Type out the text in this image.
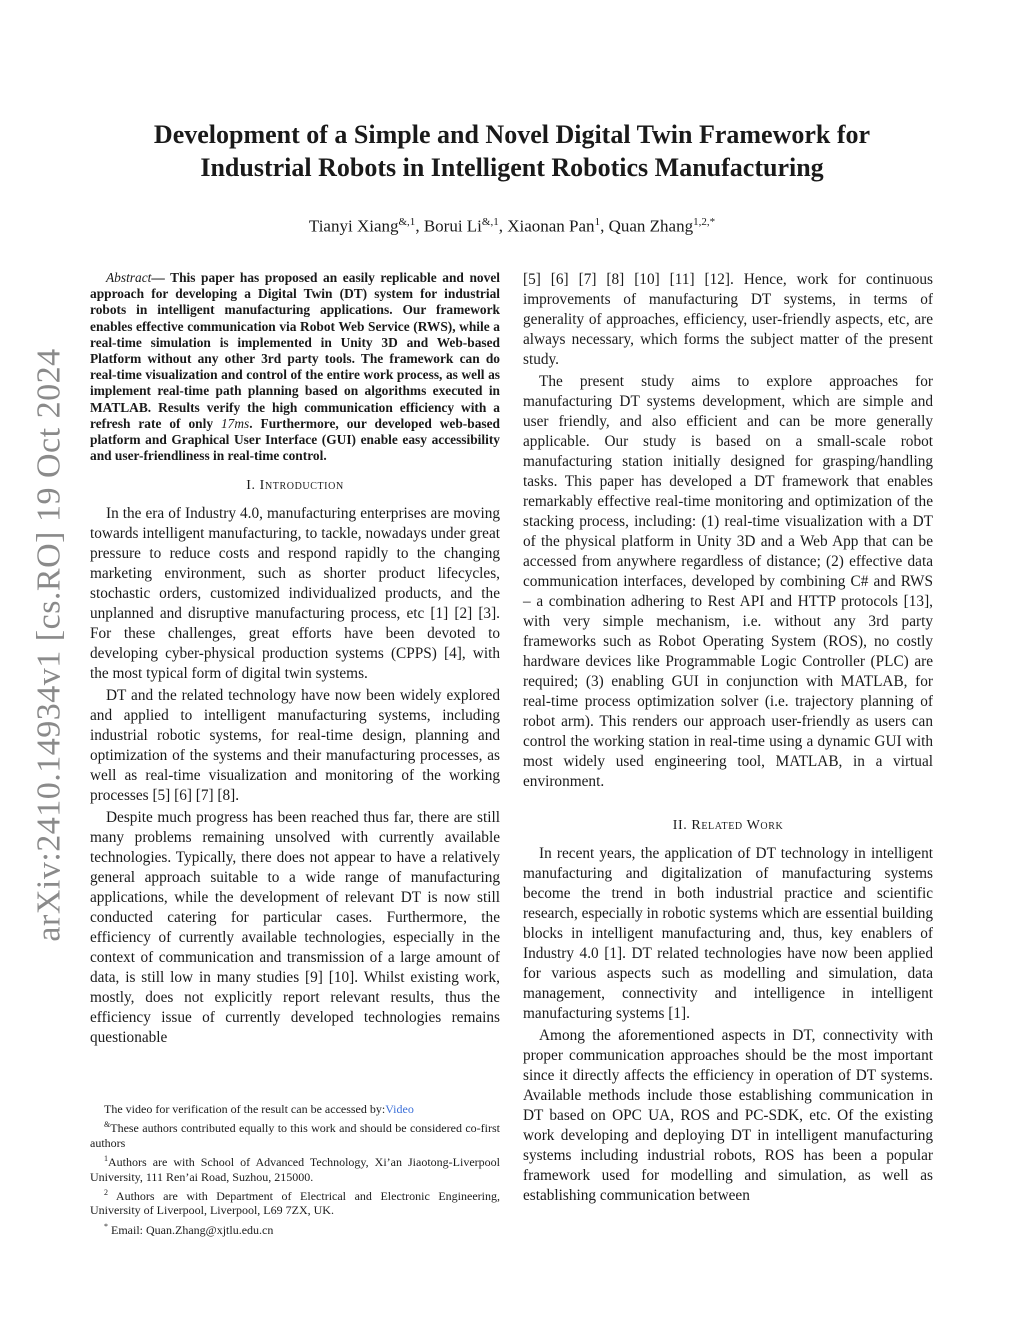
arXiv:2410.14934v1 [cs.RO] 19 Oct 2024
Development of a Simple and Novel Digital Twin Framework for
Industrial Robots in Intelligent Robotics Manufacturing
Tianyi Xiang$^{\&,1}$, Borui $Li^{\&,1}$, Xiaonan Pan$^1$, Quan Zhang$^{1,2,*}$

Abstract— This paper has proposed an easily replicable and novel approach for developing a Digital Twin (DT) system for industrial robots in intelligent manufacturing applications. Our framework enables effective communication via Robot Web Service (RWS), while a real-time simulation is implemented in Unity 3D and Web-based Platform without any other 3rd party tools. The framework can do real-time visualization and control of the entire work process, as well as implement real-time path planning based on algorithms executed in MATLAB. Results verify the high communication efficiency with a refresh rate of only 17ms. Furthermore, our developed web-based platform and Graphical User Interface (GUI) enable easy accessibility and user-friendliness in real-time control.

I. Introduction

In the era of Industry 4.0, manufacturing enterprises are moving towards intelligent manufacturing, to tackle, nowadays under great pressure to reduce costs and respond rapidly to the changing marketing environment, such as shorter product lifecycles, stochastic orders, customized individualized products, and the unplanned and disruptive manufacturing process, etc [1] [2] [3]. For these challenges, great efforts have been devoted to developing cyber-physical production systems (CPPS) [4], with the most typical form of digital twin systems.

DT and the related technology have now been widely explored and applied to intelligent manufacturing systems, including industrial robotic systems, for real-time design, planning and optimization of the systems and their manufacturing processes, as well as real-time visualization and monitoring of the working processes [5] [6] [7] [8].

Despite much progress has been reached thus far, there are still many problems remaining unsolved with currently available technologies. Typically, there does not appear to have a relatively general approach suitable to a wide range of manufacturing applications, while the development of relevant DT is now still conducted catering for particular cases. Furthermore, the efficiency of currently available technologies, especially in the context of communication and transmission of a large amount of data, is still low in many studies [9] [10]. Whilst existing work, mostly, does not explicitly report relevant results, thus the efficiency issue of currently developed technologies remains questionable

The video for verification of the result can be accessed by:Video

&These authors contributed equally to this work and should be considered co-first authors

$^1$Authors are with School of Advanced Technology, Xi’an Jiaotong-Liverpool University, 111 Ren’ai Road, Suzhou, 215000.

$^2$ Authors are with Department of Electrical and Electronic Engineering, University of Liverpool, Liverpool, L69 7ZX, UK.

* Email: Quan.Zhang@xjtlu.edu.cn

[5] [6] [7] [8] [10] [11] [12]. Hence, work for continuous improvements of manufacturing DT systems, in terms of generality of approaches, efficiency, user-friendly aspects, etc, are always necessary, which forms the subject matter of the present study.

The present study aims to explore approaches for manufacturing DT systems development, which are simple and user friendly, and also efficient and can be more generally applicable. Our study is based on a small-scale robot manufacturing station initially designed for grasping/handling tasks. This paper has developed a DT framework that enables remarkably effective real-time monitoring and optimization of the stacking process, including: (1) real-time visualization with a DT of the physical platform in Unity 3D and a Web App that can be accessed from anywhere regardless of distance; (2) effective data communication interfaces, developed by combining C# and RWS – a combination adhering to Rest API and HTTP protocols [13], with very simple mechanism, i.e. without any 3rd party frameworks such as Robot Operating System (ROS), no costly hardware devices like Programmable Logic Controller (PLC) are required; (3) enabling GUI in conjunction with MATLAB, for real-time process optimization solver (i.e. trajectory planning of robot arm). This renders our approach user-friendly as users can control the working station in real-time using a dynamic GUI with most widely used engineering tool, MATLAB, in a virtual environment.

II. Related Work

In recent years, the application of DT technology in intelligent manufacturing and digitalization of manufacturing systems become the trend in both industrial practice and scientific research, especially in robotic systems which are essential building blocks in intelligent manufacturing and, thus, key enablers of Industry 4.0 [1]. DT related technologies have now been applied for various aspects such as modelling and simulation, data management, connectivity and intelligence in intelligent manufacturing systems [1].

Among the aforementioned aspects in DT, connectivity with proper communication approaches should be the most important since it directly affects the efficiency in operation of DT systems. Available methods include those establishing communication in DT based on OPC UA, ROS and PC-SDK, etc. Of the existing work developing and deploying DT in intelligent manufacturing systems including industrial robots, ROS has been a popular framework used for modelling and simulation, as well as establishing communication between
